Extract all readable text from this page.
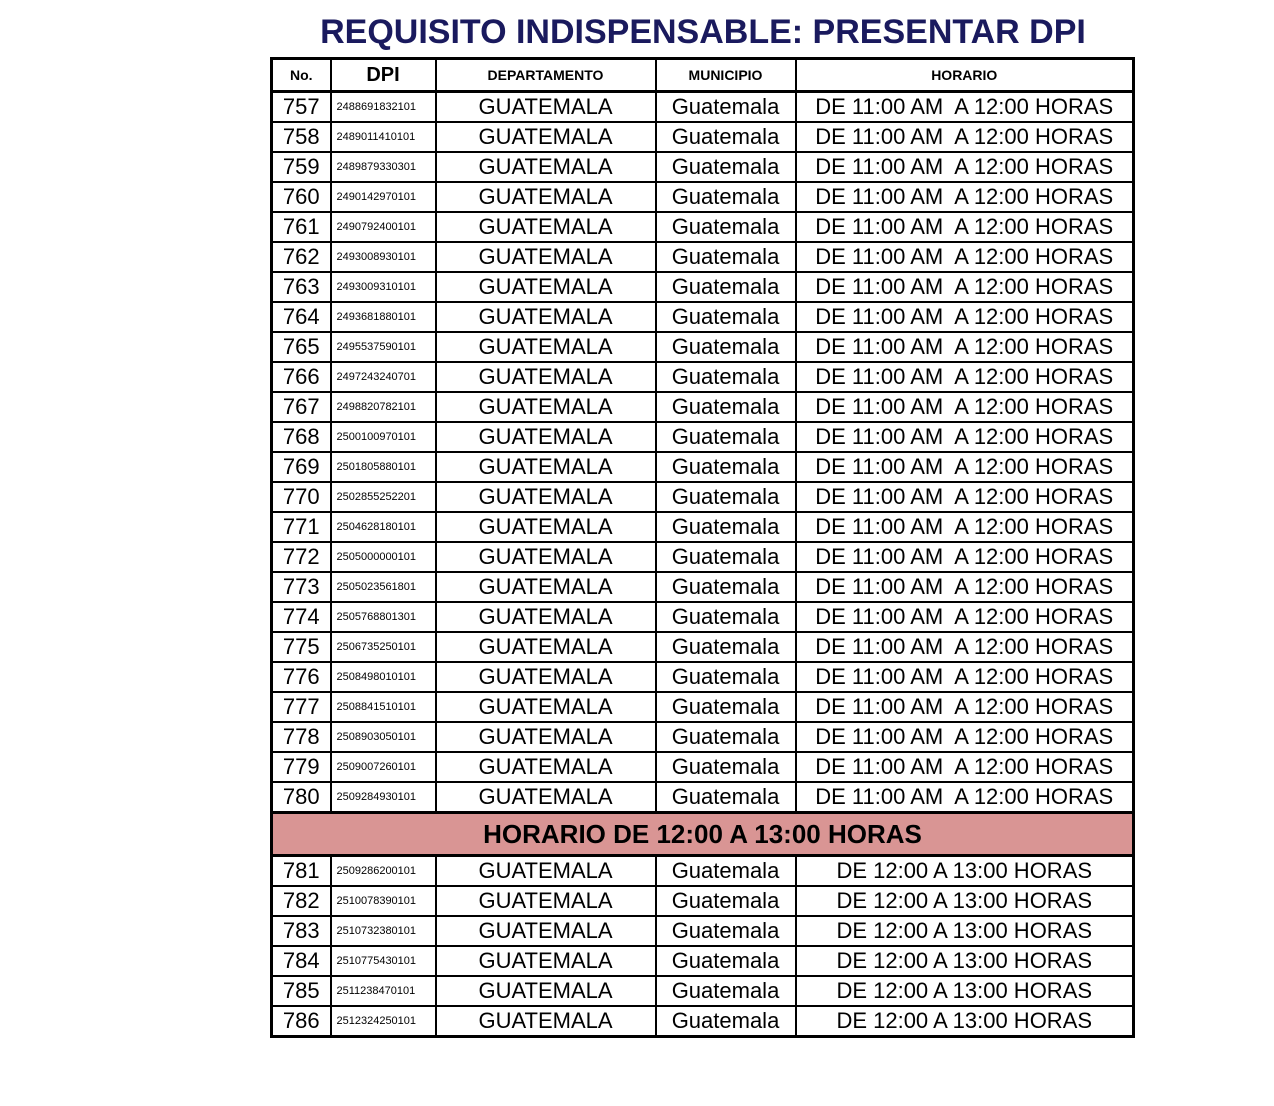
REQUISITO INDISPENSABLE: PRESENTAR DPI
No.	DPI	DEPARTAMENTO	MUNICIPIO	HORARIO
757	2488691832101	GUATEMALA	Guatemala	DE 11:00 AM  A 12:00 HORAS
758	2489011410101	GUATEMALA	Guatemala	DE 11:00 AM  A 12:00 HORAS
759	2489879330301	GUATEMALA	Guatemala	DE 11:00 AM  A 12:00 HORAS
760	2490142970101	GUATEMALA	Guatemala	DE 11:00 AM  A 12:00 HORAS
761	2490792400101	GUATEMALA	Guatemala	DE 11:00 AM  A 12:00 HORAS
762	2493008930101	GUATEMALA	Guatemala	DE 11:00 AM  A 12:00 HORAS
763	2493009310101	GUATEMALA	Guatemala	DE 11:00 AM  A 12:00 HORAS
764	2493681880101	GUATEMALA	Guatemala	DE 11:00 AM  A 12:00 HORAS
765	2495537590101	GUATEMALA	Guatemala	DE 11:00 AM  A 12:00 HORAS
766	2497243240701	GUATEMALA	Guatemala	DE 11:00 AM  A 12:00 HORAS
767	2498820782101	GUATEMALA	Guatemala	DE 11:00 AM  A 12:00 HORAS
768	2500100970101	GUATEMALA	Guatemala	DE 11:00 AM  A 12:00 HORAS
769	2501805880101	GUATEMALA	Guatemala	DE 11:00 AM  A 12:00 HORAS
770	2502855252201	GUATEMALA	Guatemala	DE 11:00 AM  A 12:00 HORAS
771	2504628180101	GUATEMALA	Guatemala	DE 11:00 AM  A 12:00 HORAS
772	2505000000101	GUATEMALA	Guatemala	DE 11:00 AM  A 12:00 HORAS
773	2505023561801	GUATEMALA	Guatemala	DE 11:00 AM  A 12:00 HORAS
774	2505768801301	GUATEMALA	Guatemala	DE 11:00 AM  A 12:00 HORAS
775	2506735250101	GUATEMALA	Guatemala	DE 11:00 AM  A 12:00 HORAS
776	2508498010101	GUATEMALA	Guatemala	DE 11:00 AM  A 12:00 HORAS
777	2508841510101	GUATEMALA	Guatemala	DE 11:00 AM  A 12:00 HORAS
778	2508903050101	GUATEMALA	Guatemala	DE 11:00 AM  A 12:00 HORAS
779	2509007260101	GUATEMALA	Guatemala	DE 11:00 AM  A 12:00 HORAS
780	2509284930101	GUATEMALA	Guatemala	DE 11:00 AM  A 12:00 HORAS
HORARIO DE 12:00 A 13:00 HORAS				
781	2509286200101	GUATEMALA	Guatemala	DE 12:00 A 13:00 HORAS
782	2510078390101	GUATEMALA	Guatemala	DE 12:00 A 13:00 HORAS
783	2510732380101	GUATEMALA	Guatemala	DE 12:00 A 13:00 HORAS
784	2510775430101	GUATEMALA	Guatemala	DE 12:00 A 13:00 HORAS
785	2511238470101	GUATEMALA	Guatemala	DE 12:00 A 13:00 HORAS
786	2512324250101	GUATEMALA	Guatemala	DE 12:00 A 13:00 HORAS
